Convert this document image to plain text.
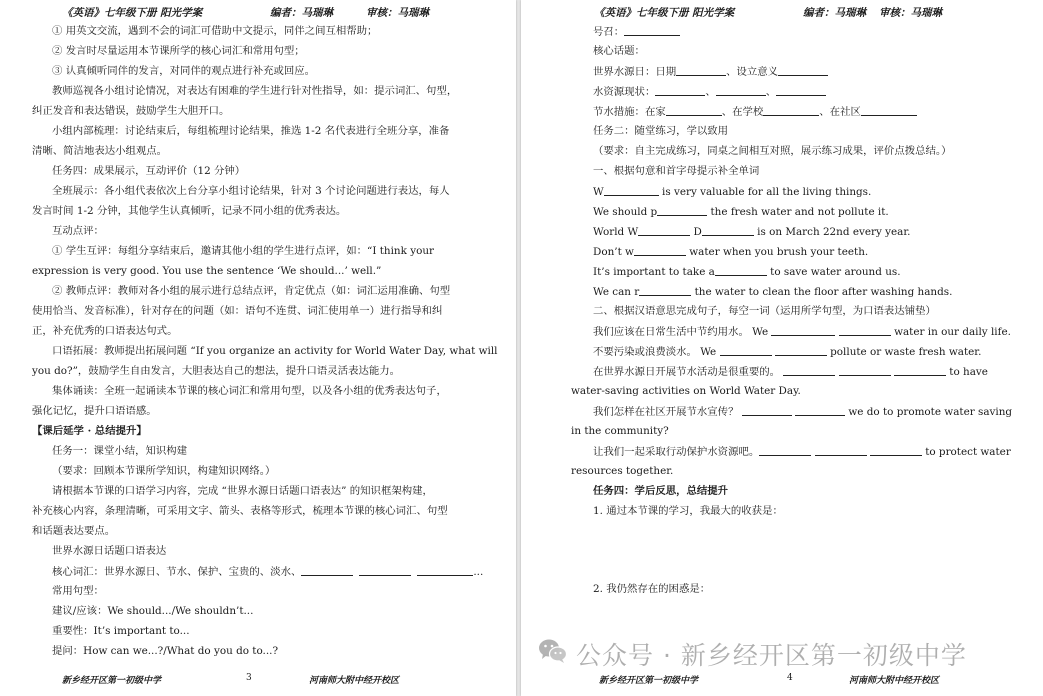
《英语》七年级下册 阳光学案	编者：马瑞琳	审核：马瑞琳
① 用英文交流，遇到不会的词汇可借助中文提示，同伴之间互相帮助；
② 发言时尽量运用本节课所学的核心词汇和常用句型；
③ 认真倾听同伴的发言，对同伴的观点进行补充或回应。
教师巡视各小组讨论情况，对表达有困难的学生进行针对性指导，如：提示词汇、句型，
纠正发音和表达错误，鼓励学生大胆开口。
小组内部梳理：讨论结束后，每组梳理讨论结果，推选 1-2 名代表进行全班分享，准备
清晰、简洁地表达小组观点。
任务四：成果展示，互动评价（12 分钟）
全班展示：各小组代表依次上台分享小组讨论结果，针对 3 个讨论问题进行表达，每人
发言时间 1-2 分钟，其他学生认真倾听，记录不同小组的优秀表达。
互动点评：
① 学生互评：每组分享结束后，邀请其他小组的学生进行点评，如：“I think your
expression is very good. You use the sentence ‘We should...’ well.”
② 教师点评：教师对各小组的展示进行总结点评，肯定优点（如：词汇运用准确、句型
使用恰当、发音标准），针对存在的问题（如：语句不连贯、词汇使用单一）进行指导和纠
正，补充优秀的口语表达句式。
口语拓展：教师提出拓展问题 “If you organize an activity for World Water Day, what will
you do?”，鼓励学生自由发言，大胆表达自己的想法，提升口语灵活表达能力。
集体诵读：全班一起诵读本节课的核心词汇和常用句型，以及各小组的优秀表达句子，
强化记忆，提升口语语感。
【课后延学 · 总结提升】
任务一：课堂小结，知识构建
（要求：回顾本节课所学知识，构建知识网络。）
请根据本节课的口语学习内容，完成 “世界水源日话题口语表达” 的知识框架构建，
补充核心内容，条理清晰，可采用文字、箭头、表格等形式，梳理本节课的核心词汇、句型
和话题表达要点。
世界水源日话题口语表达
核心词汇：世界水源日、节水、保护、宝贵的、淡水、	...
常用句型：
建议/应该：We should.../We shouldn’t...
重要性：It’s important to...
提问：How can we...?/What do you do to...?
新乡经开区第一初级中学	3	河南师大附中经开校区
《英语》七年级下册 阳光学案	编者：马瑞琳 审核：马瑞琳
号召：
核心话题：
世界水源日：日期	、设立意义
水资源现状：	、	、
节水措施：在家	、在学校	、在社区
任务二：随堂练习，学以致用
（要求：自主完成练习，同桌之间相互对照，展示练习成果，评价点拨总结。）
一、根据句意和首字母提示补全单词
W	is very valuable for all the living things.
We should p	the fresh water and not pollute it.
World W	D	is on March 22nd every year.
Don’t w	water when you brush your teeth.
It’s important to take a	to save water around us.
We can r	the water to clean the floor after washing hands.
二、根据汉语意思完成句子，每空一词（运用所学句型，为口语表达铺垫）
我们应该在日常生活中节约用水。 We	water in our daily life.
不要污染或浪费淡水。 We	pollute or waste fresh water.
在世界水源日开展节水活动是很重要的。	to have
water-saving activities on World Water Day.
我们怎样在社区开展节水宣传？	we do to promote water saving
in the community?
让我们一起采取行动保护水资源吧。	to protect water
resources together.
任务四：学后反思，总结提升
1. 通过本节课的学习，我最大的收获是：
2. 我仍然存在的困惑是：
新乡经开区第一初级中学	4	河南师大附中经开校区
公众号 · 新乡经开区第一初级中学
